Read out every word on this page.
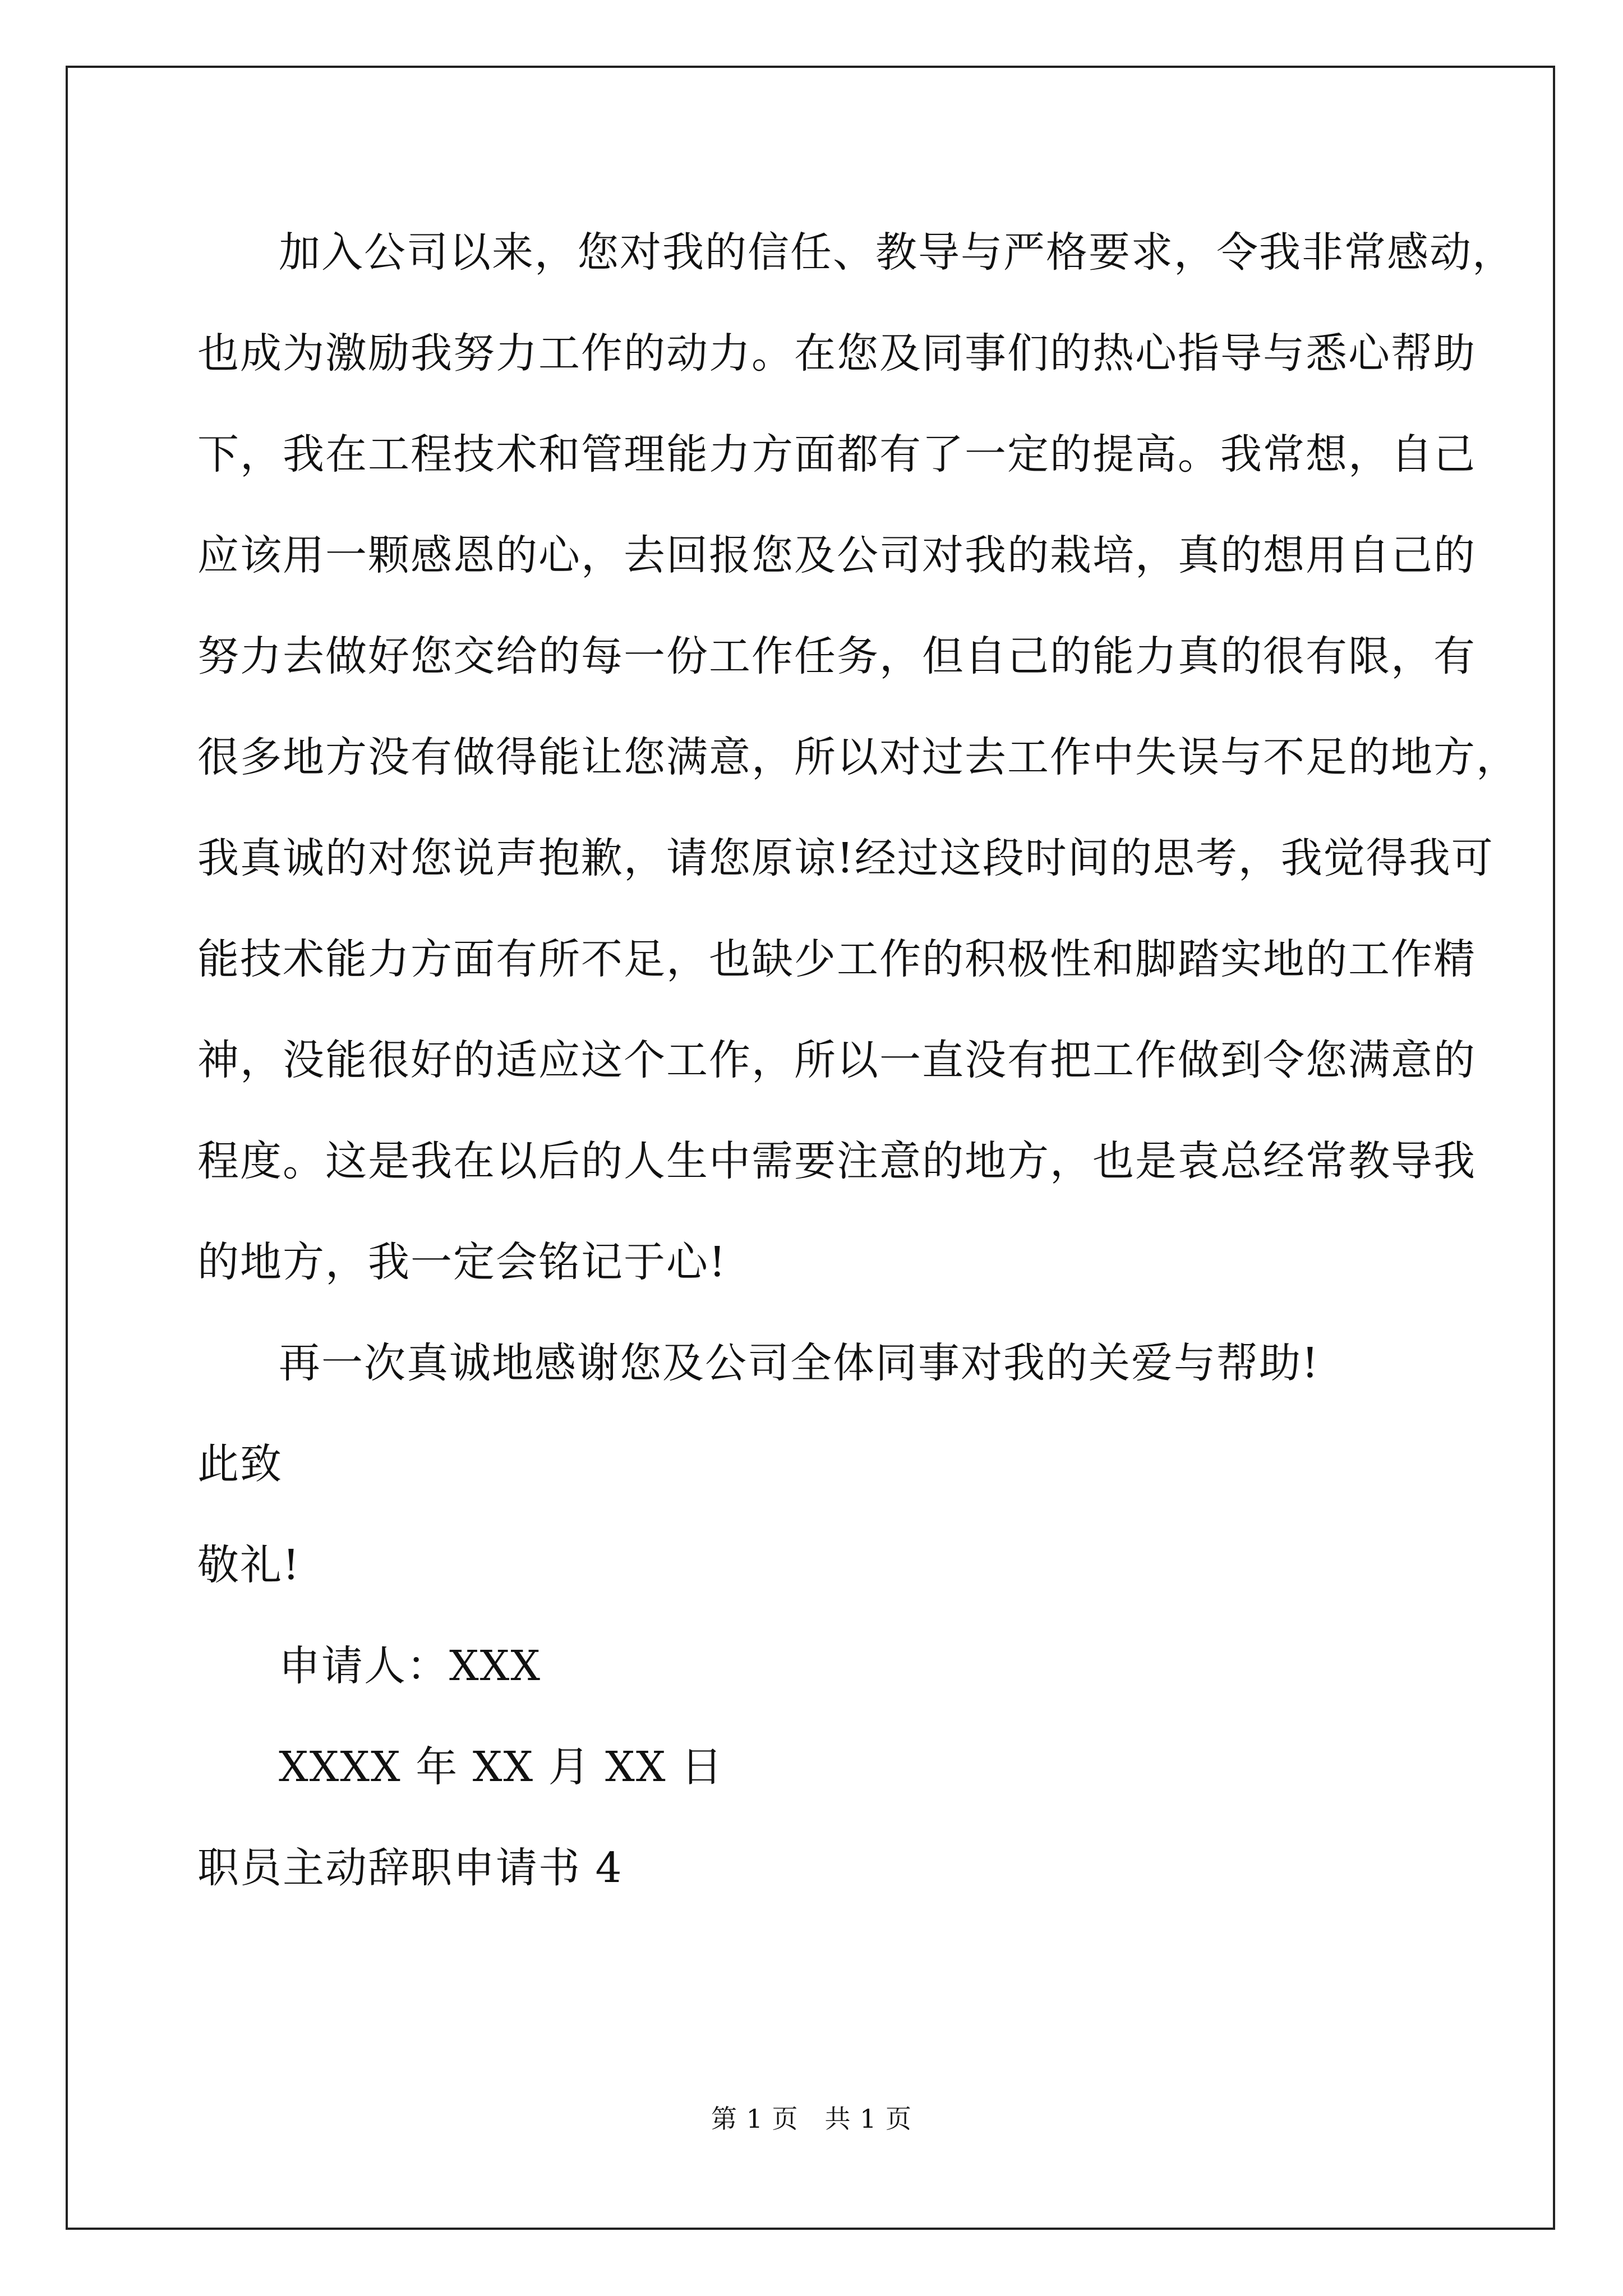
加入公司以来，您对我的信任、教导与严格要求，令我非常感动，
也成为激励我努力工作的动力。在您及同事们的热心指导与悉心帮助
下，我在工程技术和管理能力方面都有了一定的提高。我常想，自己
应该用一颗感恩的心，去回报您及公司对我的栽培，真的想用自己的
努力去做好您交给的每一份工作任务，但自己的能力真的很有限，有
很多地方没有做得能让您满意，所以对过去工作中失误与不足的地方，
我真诚的对您说声抱歉，请您原谅!经过这段时间的思考，我觉得我可
能技术能力方面有所不足，也缺少工作的积极性和脚踏实地的工作精
神，没能很好的适应这个工作，所以一直没有把工作做到令您满意的
程度。这是我在以后的人生中需要注意的地方，也是袁总经常教导我
的地方，我一定会铭记于心!
再一次真诚地感谢您及公司全体同事对我的关爱与帮助!
此致
敬礼!
申请人：XXX
XXXX 年 XX 月 XX 日
职员主动辞职申请书 4
第 1 页　共 1 页
